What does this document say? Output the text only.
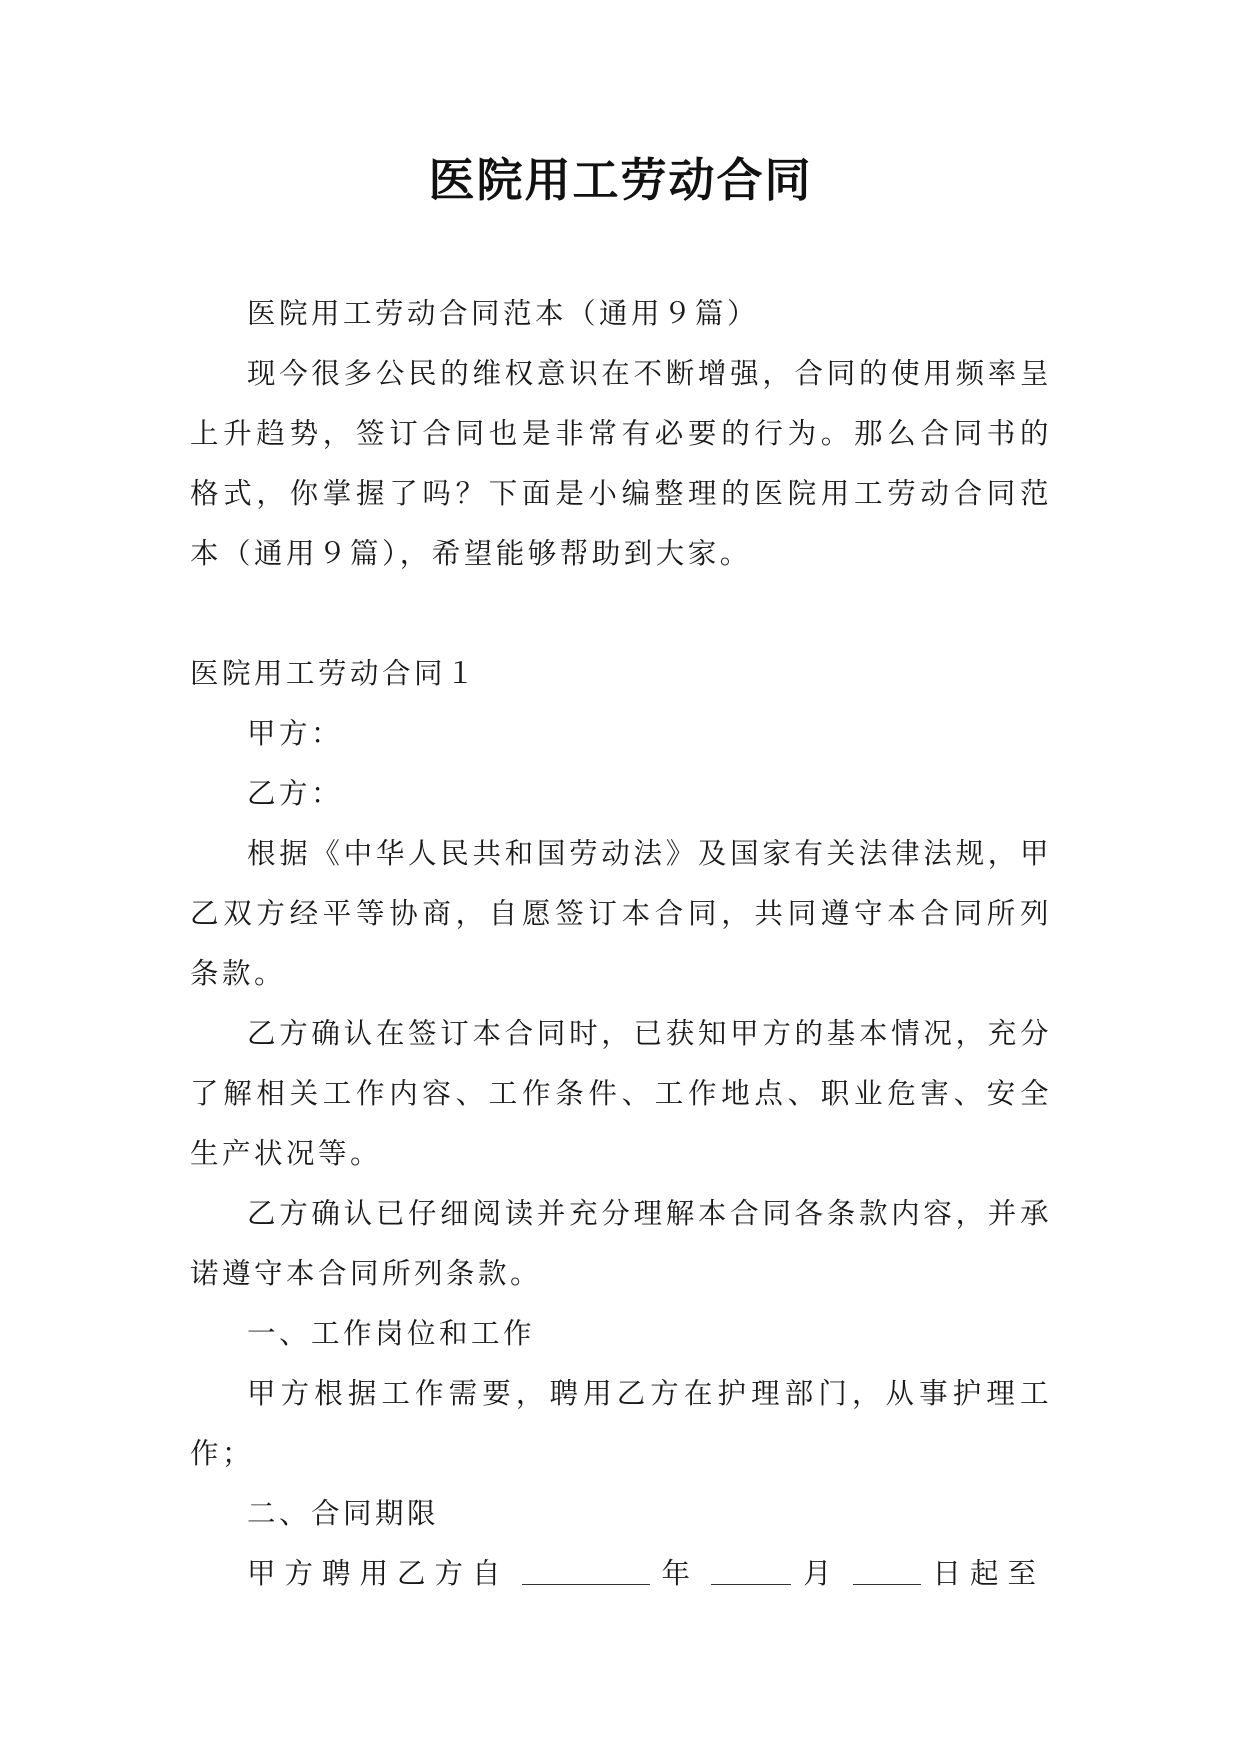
医院用工劳动合同

医院用工劳动合同范本（通用９篇）

现今很多公民的维权意识在不断增强，合同的使用频率呈上升趋势，签订合同也是非常有必要的行为。那么合同书的格式，你掌握了吗？下面是小编整理的医院用工劳动合同范本（通用９篇），希望能够帮助到大家。

医院用工劳动合同１

甲方：

乙方：

根据《中华人民共和国劳动法》及国家有关法律法规，甲乙双方经平等协商，自愿签订本合同，共同遵守本合同所列条款。

乙方确认在签订本合同时，已获知甲方的基本情况，充分了解相关工作内容、工作条件、工作地点、职业危害、安全生产状况等。

乙方确认已仔细阅读并充分理解本合同各条款内容，并承诺遵守本合同所列条款。

一、工作岗位和工作

甲方根据工作需要，聘用乙方在护理部门，从事护理工作；

二、合同期限

甲方聘用乙方自	年	月	日起至
